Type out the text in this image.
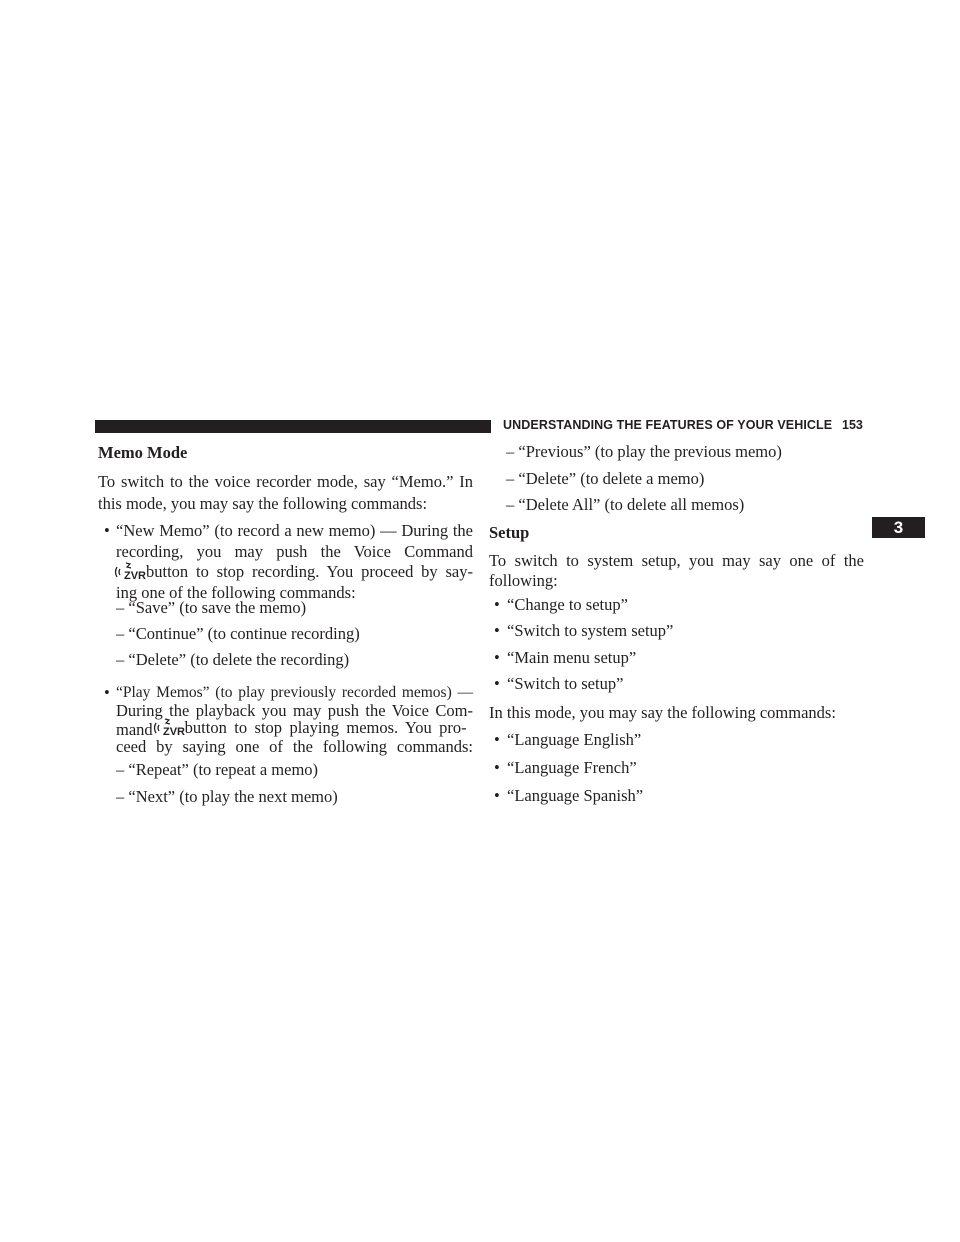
UNDERSTANDING THE FEATURES OF YOUR VEHICLE 153
3
Memo Mode
To switch to the voice recorder mode, say “Memo.” In
this mode, you may say the following commands:
• “New Memo” (to record a new memo) — During the
recording, you may push the Voice Command
ZVR button to stop recording. You proceed by say-
ing one of the following commands:
– “Save” (to save the memo)
– “Continue” (to continue recording)
– “Delete” (to delete the recording)
• “Play Memos” (to play previously recorded memos) —
During the playback you may push the Voice Com-
mand ZVR button to stop playing memos. You pro-
ceed by saying one of the following commands:
– “Repeat” (to repeat a memo)
– “Next” (to play the next memo)
– “Previous” (to play the previous memo)
– “Delete” (to delete a memo)
– “Delete All” (to delete all memos)
Setup
To switch to system setup, you may say one of the
following:
• “Change to setup”
• “Switch to system setup”
• “Main menu setup”
• “Switch to setup”
In this mode, you may say the following commands:
• “Language English”
• “Language French”
• “Language Spanish”
